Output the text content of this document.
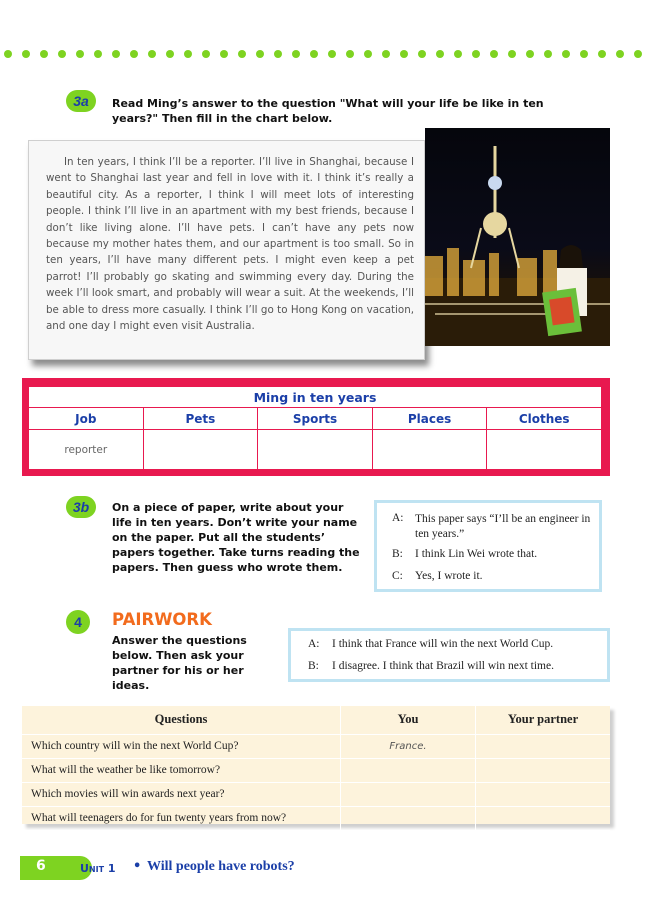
3a	Read Ming’s answer to the question "What will your life be like in ten years?" Then fill in the chart below.
In ten years, I think I’ll be a reporter. I’ll live in Shanghai, because I went to Shanghai last year and fell in love with it. I think it’s really a beautiful city. As a reporter, I think I will meet lots of interesting people. I think I’ll live in an apartment with my best friends, because I don’t like living alone. I’ll have pets. I can’t have any pets now because my mother hates them, and our apartment is too small. So in ten years, I’ll have many different pets. I might even keep a pet parrot! I’ll probably go skating and swimming every day. During the week I’ll look smart, and probably will wear a suit. At the weekends, I’ll be able to dress more casually. I think I’ll go to Hong Kong on vacation, and one day I might even visit Australia.
Ming in ten years				
Job	Pets	Sports	Places	Clothes
reporter				
3b	On a piece of paper, write about your life in ten years. Don’t write your name on the paper. Put all the students’ papers together. Take turns reading the papers. Then guess who wrote them.
A: This paper says “I’ll be an engineer in ten years.”
B: I think Lin Wei wrote that.
C: Yes, I wrote it.
4	PAIRWORK
Answer the questions below. Then ask your partner for his or her ideas.
A: I think that France will win the next World Cup.
B: I disagree. I think that Brazil will win next time.
Questions	You	Your partner
Which country will win the next World Cup?	France.	
What will the weather be like tomorrow?		
Which movies will win awards next year?		
What will teenagers do for fun twenty years from now?		
6	Unit 1 • Will people have robots?
